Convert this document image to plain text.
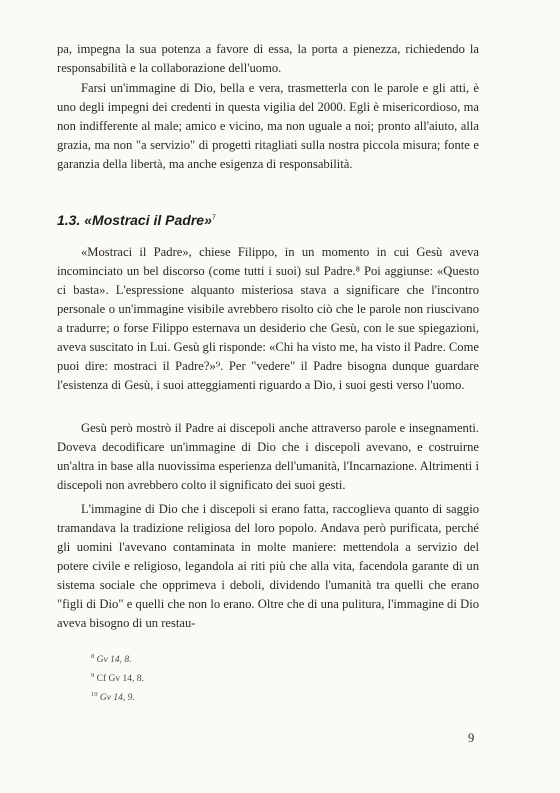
pa, impegna la sua potenza a favore di essa, la porta a pienezza, richiedendo la responsabilità e la collaborazione dell'uomo.

Farsi un'immagine di Dio, bella e vera, trasmetterla con le parole e gli atti, è uno degli impegni dei credenti in questa vigilia del 2000. Egli è misericordioso, ma non indifferente al male; amico e vicino, ma non uguale a noi; pronto all'aiuto, alla grazia, ma non "a servizio" di progetti ritagliati sulla nostra piccola misura; fonte e garanzia della libertà, ma anche esigenza di responsabilità.

1.3. «Mostraci il Padre»$^7$

«Mostraci il Padre», chiese Filippo, in un momento in cui Gesù aveva incominciato un bel discorso (come tutti i suoi) sul Padre.⁸ Poi aggiunse: «Questo ci basta». L'espressione alquanto misteriosa stava a significare che l'incontro personale o un'immagine visibile avrebbero risolto ciò che le parole non riuscivano a tradurre; o forse Filippo esternava un desiderio che Gesù, con le sue spiegazioni, aveva suscitato in Lui. Gesù gli risponde: «Chi ha visto me, ha visto il Padre. Come puoi dire: mostraci il Padre?»⁹. Per "vedere" il Padre bisogna dunque guardare l'esistenza di Gesù, i suoi atteggiamenti riguardo a Dio, i suoi gesti verso l'uomo.

Gesù però mostrò il Padre ai discepoli anche attraverso parole e insegnamenti. Doveva decodificare un'immagine di Dio che i discepoli avevano, e costruirne un'altra in base alla nuovissima esperienza dell'umanità, l'Incarnazione. Altrimenti i discepoli non avrebbero colto il significato dei suoi gesti.

L'immagine di Dio che i discepoli si erano fatta, raccoglieva quanto di saggio tramandava la tradizione religiosa del loro popolo. Andava però purificata, perché gli uomini l'avevano contaminata in molte maniere: mettendola a servizio del potere civile e religioso, legandola ai riti più che alla vita, facendola garante di un sistema sociale che opprimeva i deboli, dividendo l'umanità tra quelli che erano "figli di Dio" e quelli che non lo erano. Oltre che di una pulitura, l'immagine di Dio aveva bisogno di un restau-

$^8$ Gv 14, 8.
$^9$ Cf Gv 14, 8.
$^{10}$ Gv 14, 9.
9
